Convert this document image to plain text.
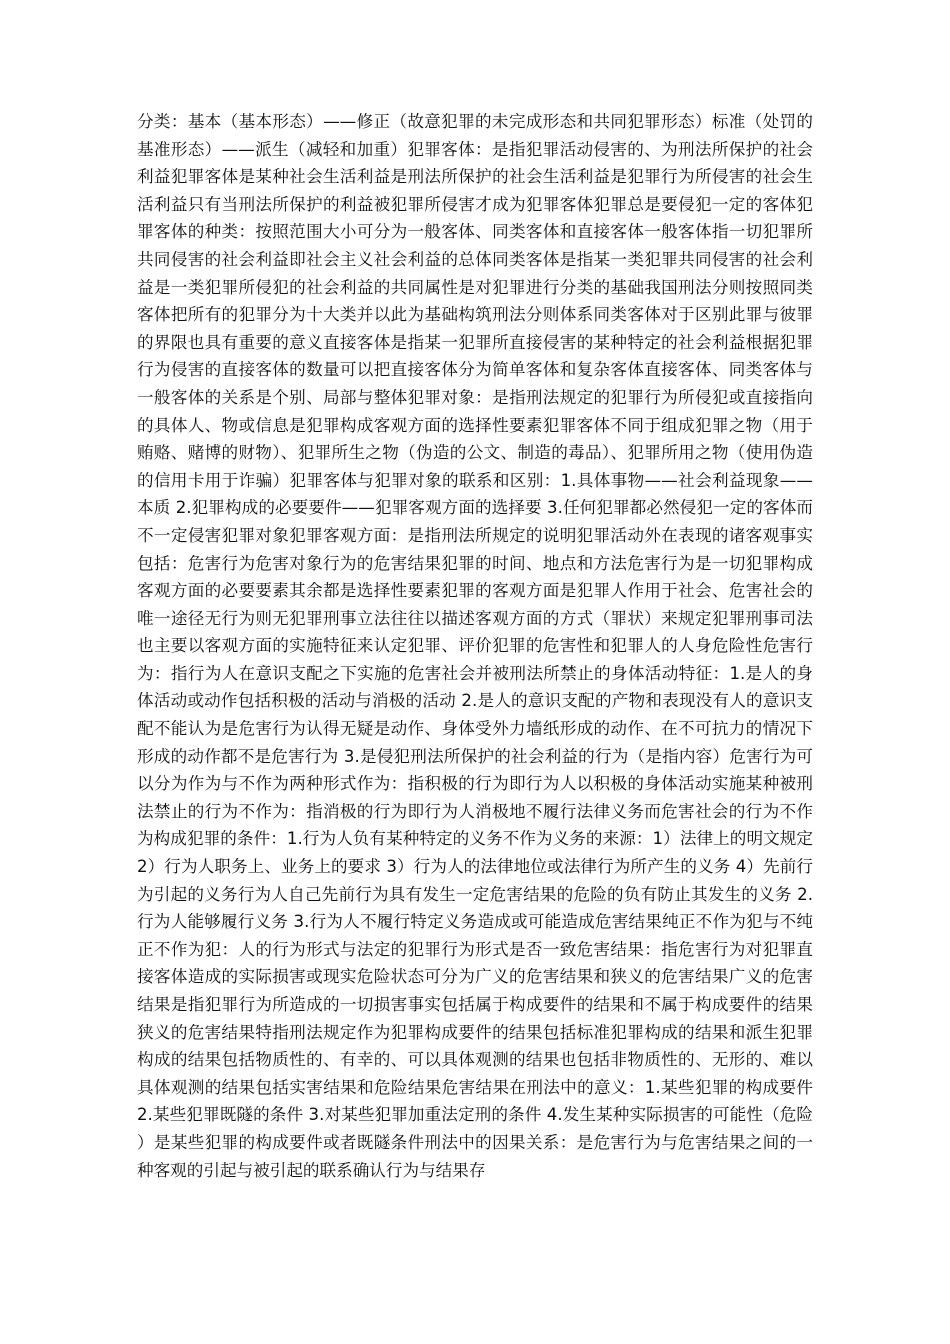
分类：基本（基本形态）——修正（故意犯罪的未完成形态和共同犯罪形态）标准（处罚的基准形态）——派生（减轻和加重）犯罪客体：是指犯罪活动侵害的、为刑法所保护的社会利益犯罪客体是某种社会生活利益是刑法所保护的社会生活利益是犯罪行为所侵害的社会生活利益只有当刑法所保护的利益被犯罪所侵害才成为犯罪客体犯罪总是要侵犯一定的客体犯罪客体的种类：按照范围大小可分为一般客体、同类客体和直接客体一般客体指一切犯罪所共同侵害的社会利益即社会主义社会利益的总体同类客体是指某一类犯罪共同侵害的社会利益是一类犯罪所侵犯的社会利益的共同属性是对犯罪进行分类的基础我国刑法分则按照同类客体把所有的犯罪分为十大类并以此为基础构筑刑法分则体系同类客体对于区别此罪与彼罪的界限也具有重要的意义直接客体是指某一犯罪所直接侵害的某种特定的社会利益根据犯罪行为侵害的直接客体的数量可以把直接客体分为简单客体和复杂客体直接客体、同类客体与一般客体的关系是个别、局部与整体犯罪对象：是指刑法规定的犯罪行为所侵犯或直接指向的具体人、物或信息是犯罪构成客观方面的选择性要素犯罪客体不同于组成犯罪之物（用于贿赂、赌博的财物）、犯罪所生之物（伪造的公文、制造的毒品）、犯罪所用之物（使用伪造的信用卡用于诈骗）犯罪客体与犯罪对象的联系和区别：1.具体事物——社会利益现象——本质 2.犯罪构成的必要要件——犯罪客观方面的选择要 3.任何犯罪都必然侵犯一定的客体而不一定侵害犯罪对象犯罪客观方面：是指刑法所规定的说明犯罪活动外在表现的诸客观事实包括：危害行为危害对象行为的危害结果犯罪的时间、地点和方法危害行为是一切犯罪构成客观方面的必要要素其余都是选择性要素犯罪的客观方面是犯罪人作用于社会、危害社会的唯一途径无行为则无犯罪刑事立法往往以描述客观方面的方式（罪状）来规定犯罪刑事司法也主要以客观方面的实施特征来认定犯罪、评价犯罪的危害性和犯罪人的人身危险性危害行为：指行为人在意识支配之下实施的危害社会并被刑法所禁止的身体活动特征：1.是人的身体活动或动作包括积极的活动与消极的活动 2.是人的意识支配的产物和表现没有人的意识支配不能认为是危害行为认得无疑是动作、身体受外力墙纸形成的动作、在不可抗力的情况下形成的动作都不是危害行为 3.是侵犯刑法所保护的社会利益的行为（是指内容）危害行为可以分为作为与不作为两种形式作为：指积极的行为即行为人以积极的身体活动实施某种被刑法禁止的行为不作为：指消极的行为即行为人消极地不履行法律义务而危害社会的行为不作为构成犯罪的条件：1.行为人负有某种特定的义务不作为义务的来源：1）法律上的明文规定 2）行为人职务上、业务上的要求 3）行为人的法律地位或法律行为所产生的义务 4）先前行为引起的义务行为人自己先前行为具有发生一定危害结果的危险的负有防止其发生的义务 2.行为人能够履行义务 3.行为人不履行特定义务造成或可能造成危害结果纯正不作为犯与不纯正不作为犯：人的行为形式与法定的犯罪行为形式是否一致危害结果：指危害行为对犯罪直接客体造成的实际损害或现实危险状态可分为广义的危害结果和狭义的危害结果广义的危害结果是指犯罪行为所造成的一切损害事实包括属于构成要件的结果和不属于构成要件的结果狭义的危害结果特指刑法规定作为犯罪构成要件的结果包括标准犯罪构成的结果和派生犯罪构成的结果包括物质性的、有幸的、可以具体观测的结果也包括非物质性的、无形的、难以具体观测的结果包括实害结果和危险结果危害结果在刑法中的意义：1.某些犯罪的构成要件 2.某些犯罪既隧的条件 3.对某些犯罪加重法定刑的条件 4.发生某种实际损害的可能性（危险）是某些犯罪的构成要件或者既隧条件刑法中的因果关系：是危害行为与危害结果之间的一种客观的引起与被引起的联系确认行为与结果存
